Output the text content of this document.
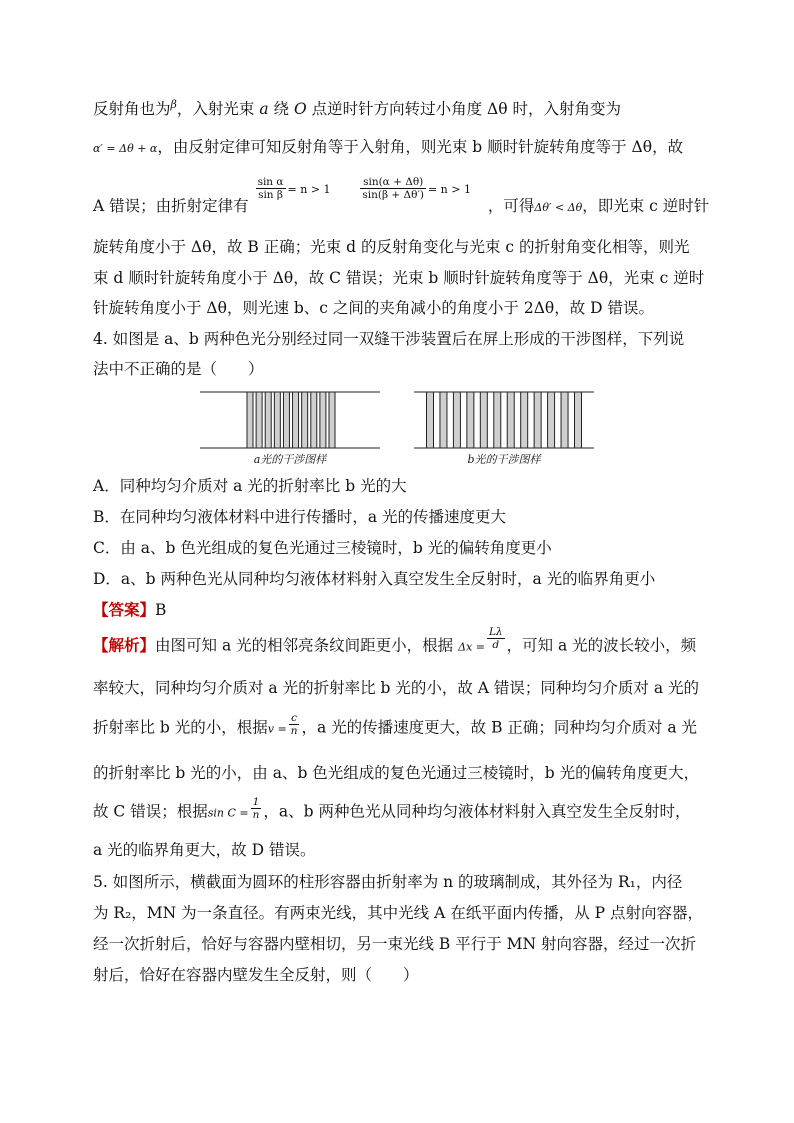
反射角也为$^\beta$，入射光束 a 绕 O 点逆时针方向转过小角度 Δθ 时，入射角变为
α′ = Δθ + α，由反射定律可知反射角等于入射角，则光束 b 顺时针旋转角度等于 Δθ，故
A 错误；由折射定律有
$\frac{\text{sin α}}{\text{sin β}} ^{= n > 1}$	$\frac{\sin(\alpha + \Delta\theta)}{\sin(\beta + \Delta\theta')} ^{= n > 1}$ ，可得$_{\Delta\theta' < \Delta\theta}$，即光束 c 逆时针
旋转角度小于 Δθ，故 B 正确；光束 d 的反射角变化与光束 c 的折射角变化相等，则光
束 d 顺时针旋转角度小于 Δθ，故 C 错误；光束 b 顺时针旋转角度等于 Δθ，光束 c 逆时
针旋转角度小于 Δθ，则光速 b、c 之间的夹角减小的角度小于 2Δθ，故 D 错误。
4. 如图是 a、b 两种色光分别经过同一双缝干涉装置后在屏上形成的干涉图样，下列说
法中不正确的是（　　）
a光的干涉图样	b光的干涉图样
A．同种均匀介质对 a 光的折射率比 b 光的大
B．在同种均匀液体材料中进行传播时，a 光的传播速度更大
C．由 a、b 色光组成的复色光通过三棱镜时，b 光的偏转角度更小
D．a、b 两种色光从同种均匀液体材料射入真空发生全反射时，a 光的临界角更小
【答案】B
【解析】由图可知 a 光的相邻亮条纹间距更小，根据 $_{\Delta x =} \frac{L\lambda}{d}$ ，可知 a 光的波长较小，频
率较大，同种均匀介质对 a 光的折射率比 b 光的小，故 A 错误；同种均匀介质对 a 光的
折射率比 b 光的小，根据$_{v =} \frac{c}{n}$ ，a 光的传播速度更大，故 B 正确；同种均匀介质对 a 光
的折射率比 b 光的小，由 a、b 色光组成的复色光通过三棱镜时，b 光的偏转角度更大，
故 C 错误；根据$_{sin C =} \frac{1}{n}$ ，a、b 两种色光从同种均匀液体材料射入真空发生全反射时，
a 光的临界角更大，故 D 错误。
5. 如图所示，横截面为圆环的柱形容器由折射率为 n 的玻璃制成，其外径为 R₁，内径
为 R₂，MN 为一条直径。有两束光线，其中光线 A 在纸平面内传播，从 P 点射向容器，
经一次折射后，恰好与容器内壁相切，另一束光线 B 平行于 MN 射向容器，经过一次折
射后，恰好在容器内壁发生全反射，则（　　）
